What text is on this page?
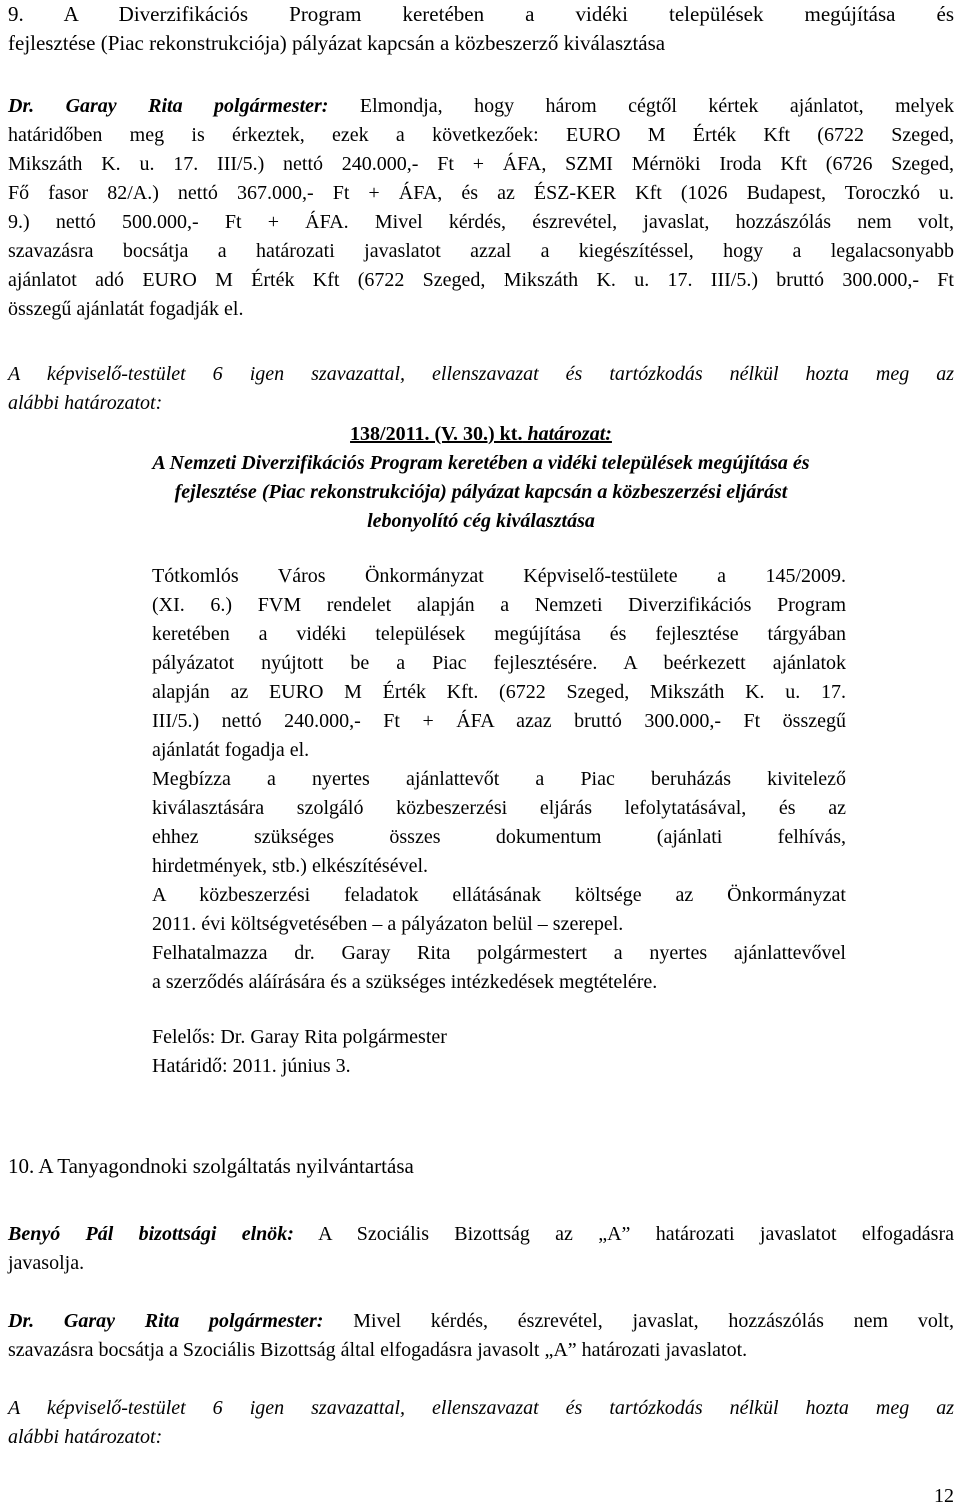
9. A Diverzifikációs Program keretében a vidéki települések megújítása és
fejlesztése (Piac rekonstrukciója) pályázat kapcsán a közbeszerző kiválasztása
Dr. Garay Rita polgármester: Elmondja, hogy három cégtől kértek ajánlatot, melyek
határidőben meg is érkeztek, ezek a következőek: EURO M Érték Kft (6722 Szeged,
Mikszáth K. u. 17. III/5.) nettó 240.000,- Ft + ÁFA, SZMI Mérnöki Iroda Kft (6726 Szeged,
Fő fasor 82/A.) nettó 367.000,- Ft + ÁFA, és az ÉSZ-KER Kft (1026 Budapest, Toroczkó u.
9.) nettó 500.000,- Ft + ÁFA. Mivel kérdés, észrevétel, javaslat, hozzászólás nem volt,
szavazásra bocsátja a határozati javaslatot azzal a kiegészítéssel, hogy a legalacsonyabb
ajánlatot adó EURO M Érték Kft (6722 Szeged, Mikszáth K. u. 17. III/5.) bruttó 300.000,- Ft
összegű ajánlatát fogadják el.
A képviselő-testület 6 igen szavazattal, ellenszavazat és tartózkodás nélkül hozta meg az
alábbi határozatot:
138/2011. (V. 30.) kt. határozat:
A Nemzeti Diverzifikációs Program keretében a vidéki települések megújítása és
fejlesztése (Piac rekonstrukciója) pályázat kapcsán a közbeszerzési eljárást
lebonyolító cég kiválasztása
Tótkomlós Város Önkormányzat Képviselő-testülete a 145/2009.
(XI. 6.) FVM rendelet alapján a Nemzeti Diverzifikációs Program
keretében a vidéki települések megújítása és fejlesztése tárgyában
pályázatot nyújtott be a Piac fejlesztésére. A beérkezett ajánlatok
alapján az EURO M Érték Kft. (6722 Szeged, Mikszáth K. u. 17.
III/5.) nettó 240.000,- Ft + ÁFA azaz bruttó 300.000,- Ft összegű
ajánlatát fogadja el.
Megbízza a nyertes ajánlattevőt a Piac beruházás kivitelező
kiválasztására szolgáló közbeszerzési eljárás lefolytatásával, és az
ehhez szükséges összes dokumentum (ajánlati felhívás,
hirdetmények, stb.) elkészítésével.
A közbeszerzési feladatok ellátásának költsége az Önkormányzat
2011. évi költségvetésében – a pályázaton belül – szerepel.
Felhatalmazza dr. Garay Rita polgármestert a nyertes ajánlattevővel
a szerződés aláírására és a szükséges intézkedések megtételére.
Felelős: Dr. Garay Rita polgármester
Határidő: 2011. június 3.
10. A Tanyagondnoki szolgáltatás nyilvántartása
Benyó Pál bizottsági elnök: A Szociális Bizottság az „A” határozati javaslatot elfogadásra
javasolja.
Dr. Garay Rita polgármester: Mivel kérdés, észrevétel, javaslat, hozzászólás nem volt,
szavazásra bocsátja a Szociális Bizottság által elfogadásra javasolt „A” határozati javaslatot.
A képviselő-testület 6 igen szavazattal, ellenszavazat és tartózkodás nélkül hozta meg az
alábbi határozatot:
12
